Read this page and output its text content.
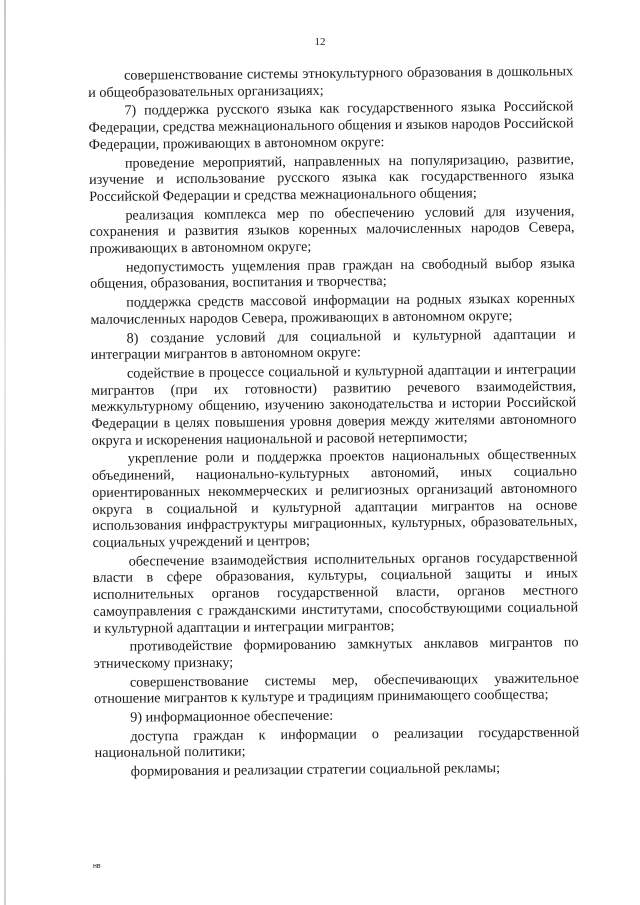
12

совершенствование системы этнокультурного образования в дошкольных и общеобразовательных организациях;

7) поддержка русского языка как государственного языка Российской Федерации, средства межнационального общения и языков народов Российской Федерации, проживающих в автономном округе:

проведение мероприятий, направленных на популяризацию, развитие, изучение и использование русского языка как государственного языка Российской Федерации и средства межнационального общения;

реализация комплекса мер по обеспечению условий для изучения, сохранения и развития языков коренных малочисленных народов Севера, проживающих в автономном округе;

недопустимость ущемления прав граждан на свободный выбор языка общения, образования, воспитания и творчества;

поддержка средств массовой информации на родных языках коренных малочисленных народов Севера, проживающих в автономном округе;

8) создание условий для социальной и культурной адаптации и интеграции мигрантов в автономном округе:

содействие в процессе социальной и культурной адаптации и интеграции мигрантов (при их готовности) развитию речевого взаимодействия, межкультурному общению, изучению законодательства и истории Российской Федерации в целях повышения уровня доверия между жителями автономного округа и искоренения национальной и расовой нетерпимости;

укрепление роли и поддержка проектов национальных общественных объединений, национально-культурных автономий, иных социально ориентированных некоммерческих и религиозных организаций автономного округа в социальной и культурной адаптации мигрантов на основе использования инфраструктуры миграционных, культурных, образовательных, социальных учреждений и центров;

обеспечение взаимодействия исполнительных органов государственной власти в сфере образования, культуры, социальной защиты и иных исполнительных органов государственной власти, органов местного самоуправления с гражданскими институтами, способствующими социальной и культурной адаптации и интеграции мигрантов;

противодействие формированию замкнутых анклавов мигрантов по этническому признаку;

совершенствование системы мер, обеспечивающих уважительное отношение мигрантов к культуре и традициям принимающего сообщества;

9) информационное обеспечение:

доступа граждан к информации о реализации государственной национальной политики;

формирования и реализации стратегии социальной рекламы;

нв
